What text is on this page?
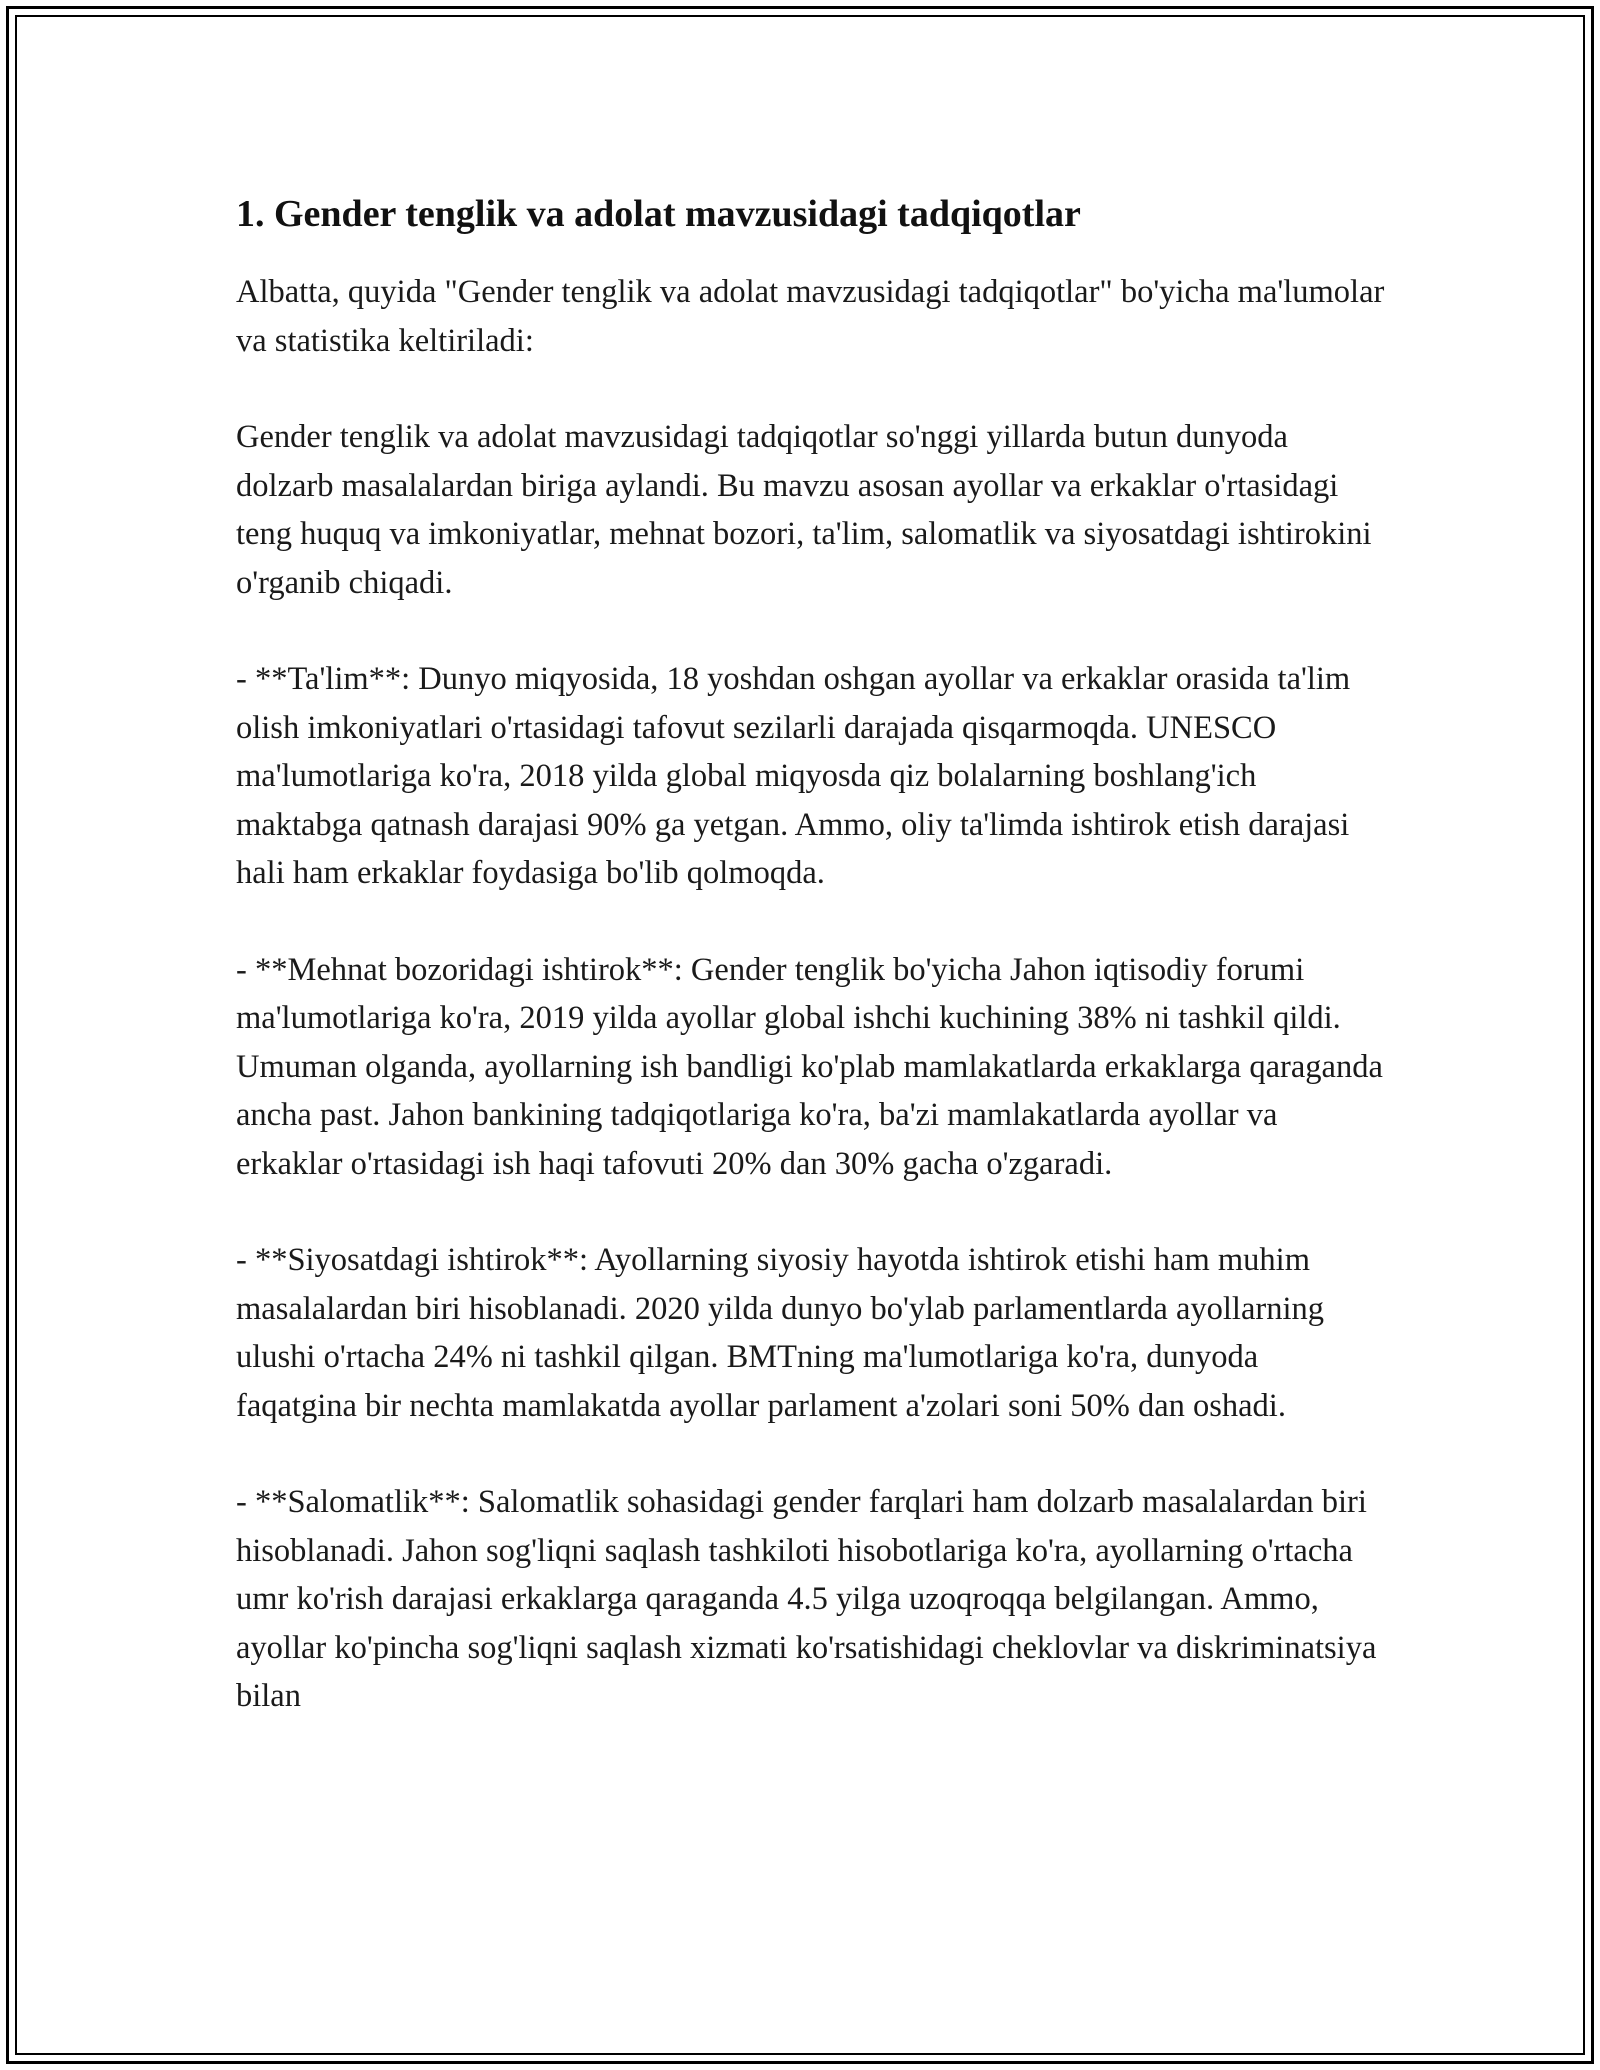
1. Gender tenglik va adolat mavzusidagi tadqiqotlar

Albatta, quyida "Gender tenglik va adolat mavzusidagi tadqiqotlar" bo'yicha ma'lumolar va statistika keltiriladi:

Gender tenglik va adolat mavzusidagi tadqiqotlar so'nggi yillarda butun dunyoda dolzarb masalalardan biriga aylandi. Bu mavzu asosan ayollar va erkaklar o'rtasidagi teng huquq va imkoniyatlar, mehnat bozori, ta'lim, salomatlik va siyosatdagi ishtirokini o'rganib chiqadi.

- **Ta'lim**: Dunyo miqyosida, 18 yoshdan oshgan ayollar va erkaklar orasida ta'lim olish imkoniyatlari o'rtasidagi tafovut sezilarli darajada qisqarmoqda. UNESCO ma'lumotlariga ko'ra, 2018 yilda global miqyosda qiz bolalarning boshlang'ich maktabga qatnash darajasi 90% ga yetgan. Ammo, oliy ta'limda ishtirok etish darajasi hali ham erkaklar foydasiga bo'lib qolmoqda.

- **Mehnat bozoridagi ishtirok**: Gender tenglik bo'yicha Jahon iqtisodiy forumi ma'lumotlariga ko'ra, 2019 yilda ayollar global ishchi kuchining 38% ni tashkil qildi. Umuman olganda, ayollarning ish bandligi ko'plab mamlakatlarda erkaklarga qaraganda ancha past. Jahon bankining tadqiqotlariga ko'ra, ba'zi mamlakatlarda ayollar va erkaklar o'rtasidagi ish haqi tafovuti 20% dan 30% gacha o'zgaradi.

- **Siyosatdagi ishtirok**: Ayollarning siyosiy hayotda ishtirok etishi ham muhim masalalardan biri hisoblanadi. 2020 yilda dunyo bo'ylab parlamentlarda ayollarning ulushi o'rtacha 24% ni tashkil qilgan. BMTning ma'lumotlariga ko'ra, dunyoda faqatgina bir nechta mamlakatda ayollar parlament a'zolari soni 50% dan oshadi.

- **Salomatlik**: Salomatlik sohasidagi gender farqlari ham dolzarb masalalardan biri hisoblanadi. Jahon sog'liqni saqlash tashkiloti hisobotlariga ko'ra, ayollarning o'rtacha umr ko'rish darajasi erkaklarga qaraganda 4.5 yilga uzoqroqqa belgilangan. Ammo, ayollar ko'pincha sog'liqni saqlash xizmati ko'rsatishidagi cheklovlar va diskriminatsiya bilan
